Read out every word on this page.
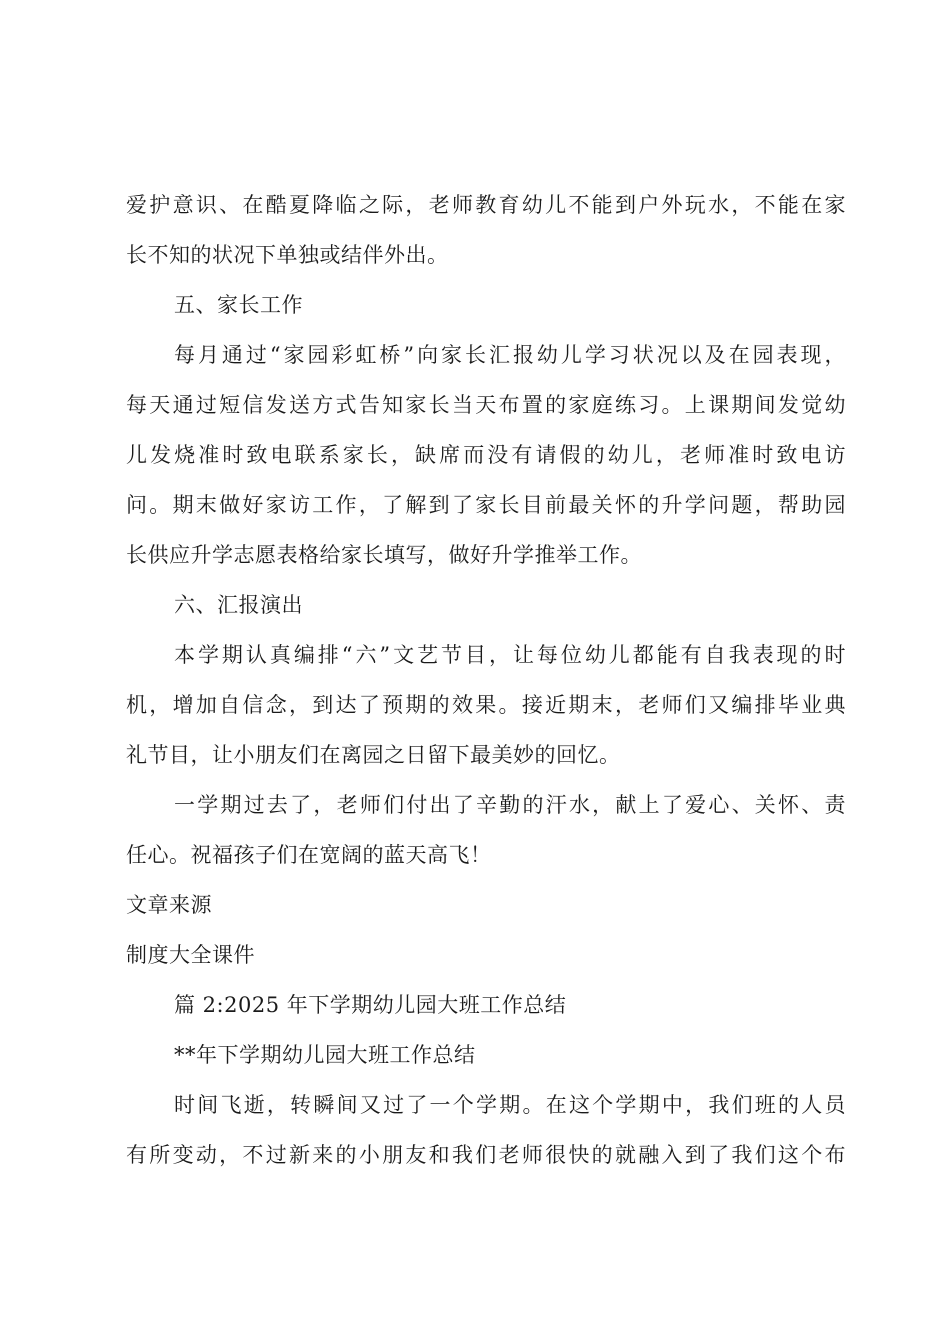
爱护意识、在酷夏降临之际，老师教育幼儿不能到户外玩水，不能在家
长不知的状况下单独或结伴外出。
五、家长工作
每月通过“家园彩虹桥”向家长汇报幼儿学习状况以及在园表现，
每天通过短信发送方式告知家长当天布置的家庭练习。上课期间发觉幼
儿发烧准时致电联系家长，缺席而没有请假的幼儿，老师准时致电访
问。期末做好家访工作，了解到了家长目前最关怀的升学问题，帮助园
长供应升学志愿表格给家长填写，做好升学推举工作。
六、汇报演出
本学期认真编排“六”文艺节目，让每位幼儿都能有自我表现的时
机，增加自信念，到达了预期的效果。接近期末，老师们又编排毕业典
礼节目，让小朋友们在离园之日留下最美妙的回忆。
一学期过去了，老师们付出了辛勤的汗水，献上了爱心、关怀、责
任心。祝福孩子们在宽阔的蓝天高飞！
文章来源
制度大全课件
篇 2:2025 年下学期幼儿园大班工作总结
**年下学期幼儿园大班工作总结
时间飞逝，转瞬间又过了一个学期。在这个学期中，我们班的人员
有所变动，不过新来的小朋友和我们老师很快的就融入到了我们这个布
